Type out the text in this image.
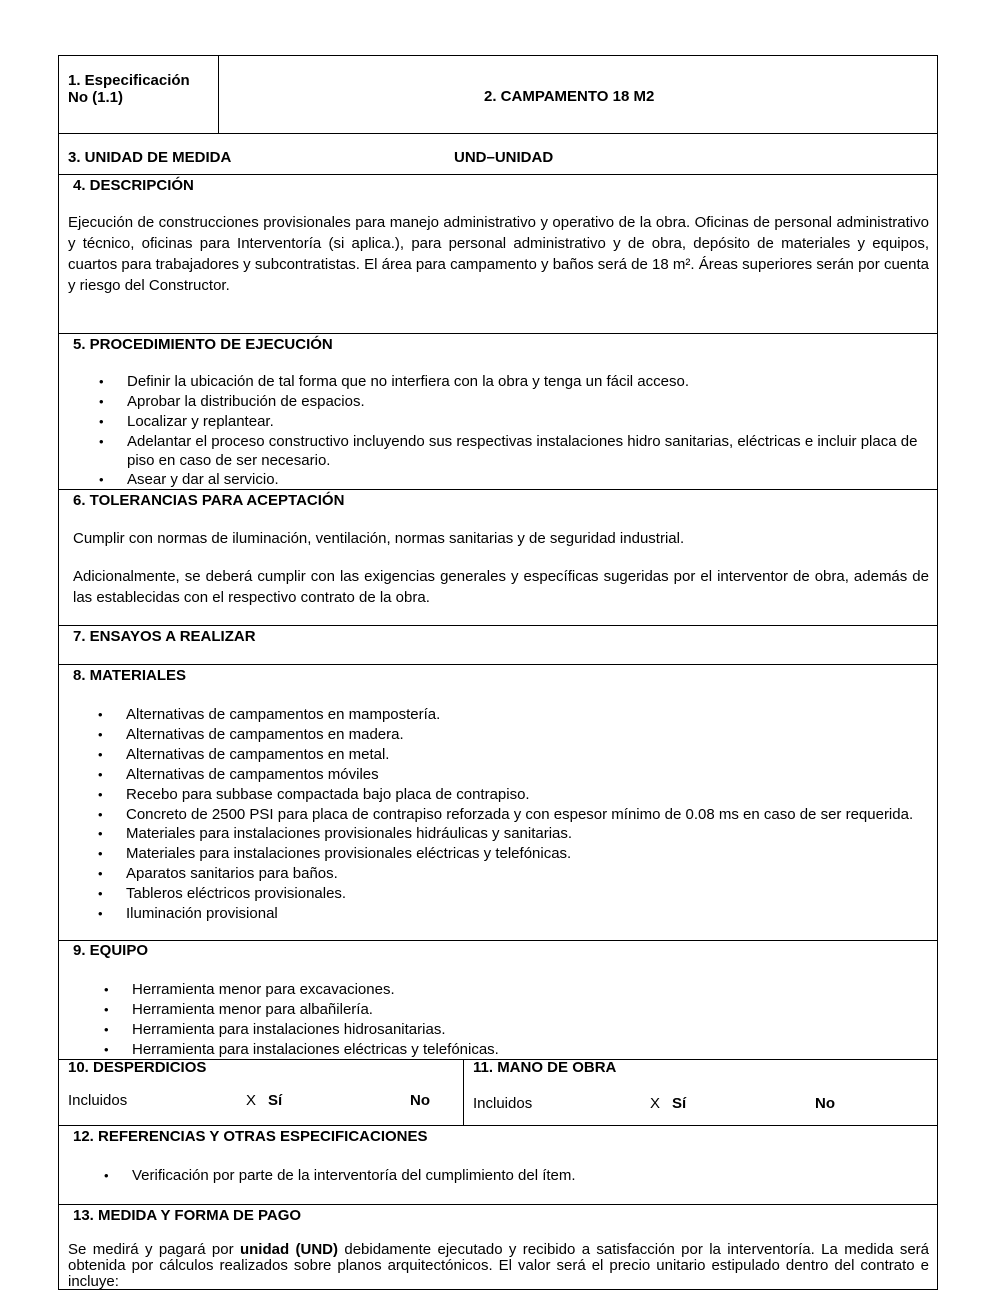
1. Especificación
No (1.1)	2. CAMPAMENTO 18 M2
3. UNIDAD DE MEDIDA	UND–UNIDAD
4. DESCRIPCIÓN

Ejecución de construcciones provisionales para manejo administrativo y operativo de la obra. Oficinas de personal administrativo y técnico, oficinas para Interventoría (si aplica.), para personal administrativo y de obra, depósito de materiales y equipos, cuartos para trabajadores y subcontratistas. El área para campamento y baños será de 18 m². Áreas superiores serán por cuenta y riesgo del Constructor.

5. PROCEDIMIENTO DE EJECUCIÓN
• Definir la ubicación de tal forma que no interfiera con la obra y tenga un fácil acceso.
• Aprobar la distribución de espacios.
• Localizar y replantear.
• Adelantar el proceso constructivo incluyendo sus respectivas instalaciones hidro sanitarias, eléctricas e incluir placa de piso en caso de ser necesario.
• Asear y dar al servicio.
6. TOLERANCIAS PARA ACEPTACIÓN

Cumplir con normas de iluminación, ventilación, normas sanitarias y de seguridad industrial.

Adicionalmente, se deberá cumplir con las exigencias generales y específicas sugeridas por el interventor de obra, además de las establecidas con el respectivo contrato de la obra.

7. ENSAYOS A REALIZAR
8. MATERIALES
• Alternativas de campamentos en mampostería.
• Alternativas de campamentos en madera.
• Alternativas de campamentos en metal.
• Alternativas de campamentos móviles
• Recebo para subbase compactada bajo placa de contrapiso.
• Concreto de 2500 PSI para placa de contrapiso reforzada y con espesor mínimo de 0.08 ms en caso de ser requerida.
• Materiales para instalaciones provisionales hidráulicas y sanitarias.
• Materiales para instalaciones provisionales eléctricas y telefónicas.
• Aparatos sanitarios para baños.
• Tableros eléctricos provisionales.
• Iluminación provisional
9. EQUIPO
• Herramienta menor para excavaciones.
• Herramienta menor para albañilería.
• Herramienta para instalaciones hidrosanitarias.
• Herramienta para instalaciones eléctricas y telefónicas.
10. DESPERDICIOS
Incluidos	X Sí	No
11. MANO DE OBRA
Incluidos	X Sí	No
12. REFERENCIAS Y OTRAS ESPECIFICACIONES
• Verificación por parte de la interventoría del cumplimiento del ítem.
13. MEDIDA Y FORMA DE PAGO

Se medirá y pagará por unidad (UND) debidamente ejecutado y recibido a satisfacción por la interventoría. La medida será obtenida por cálculos realizados sobre planos arquitectónicos. El valor será el precio unitario estipulado dentro del contrato e incluye:
